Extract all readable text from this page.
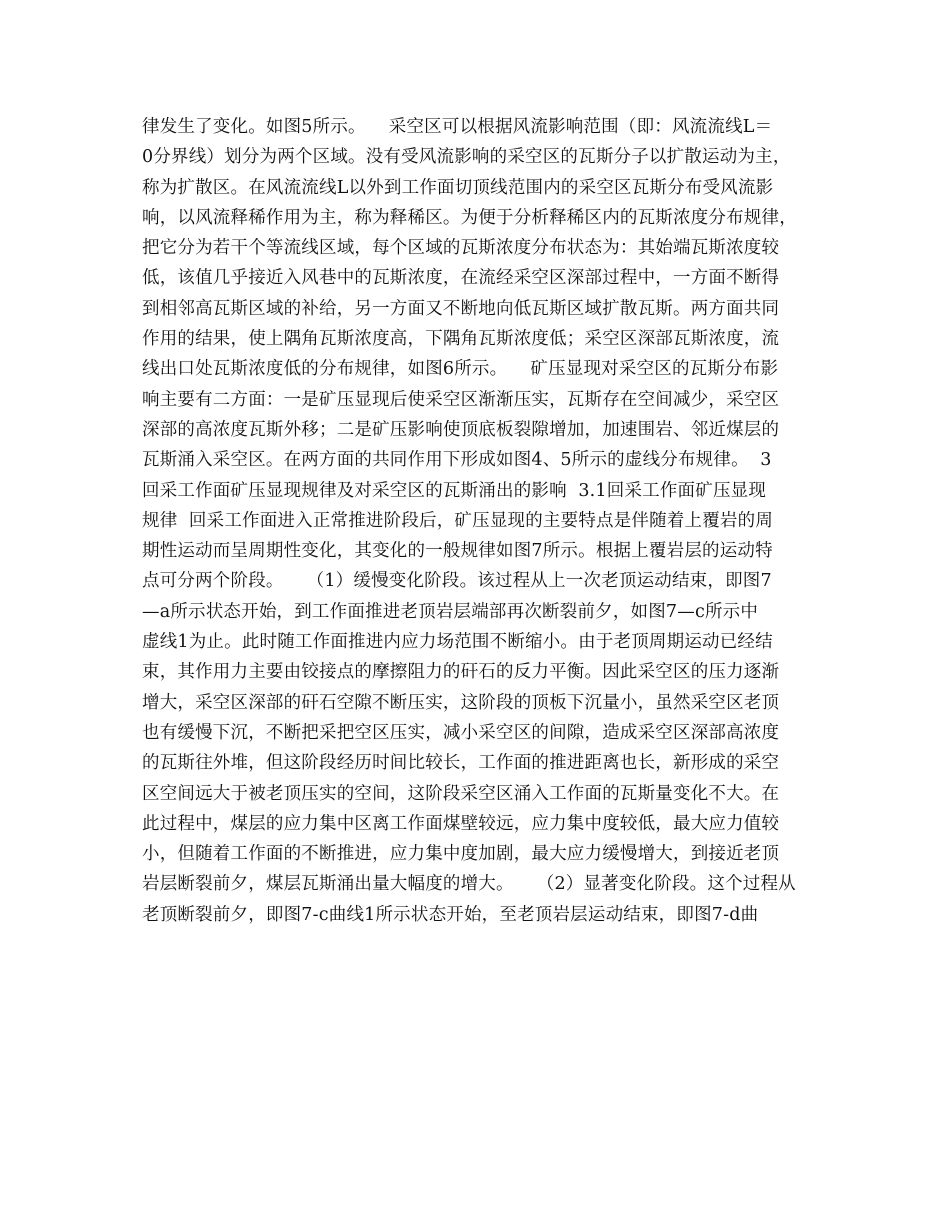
律发生了变化。如图5所示。    采空区可以根据风流影响范围（即：风流流线L＝
0分界线）划分为两个区域。没有受风流影响的采空区的瓦斯分子以扩散运动为主，
称为扩散区。在风流流线L以外到工作面切顶线范围内的采空区瓦斯分布受风流影
响，以风流释稀作用为主，称为释稀区。为便于分析释稀区内的瓦斯浓度分布规律，
把它分为若干个等流线区域，每个区域的瓦斯浓度分布状态为：其始端瓦斯浓度较
低，该值几乎接近入风巷中的瓦斯浓度，在流经采空区深部过程中，一方面不断得
到相邻高瓦斯区域的补给，另一方面又不断地向低瓦斯区域扩散瓦斯。两方面共同
作用的结果，使上隅角瓦斯浓度高，下隅角瓦斯浓度低；采空区深部瓦斯浓度，流
线出口处瓦斯浓度低的分布规律，如图6所示。    矿压显现对采空区的瓦斯分布影
响主要有二方面：一是矿压显现后使采空区渐渐压实，瓦斯存在空间减少，采空区
深部的高浓度瓦斯外移；二是矿压影响使顶底板裂隙增加，加速围岩、邻近煤层的
瓦斯涌入采空区。在两方面的共同作用下形成如图4、5所示的虚线分布规律。  3
回采工作面矿压显现规律及对采空区的瓦斯涌出的影响  3.1回采工作面矿压显现
规律  回采工作面进入正常推进阶段后，矿压显现的主要特点是伴随着上覆岩的周
期性运动而呈周期性变化，其变化的一般规律如图7所示。根据上覆岩层的运动特
点可分两个阶段。    （1）缓慢变化阶段。该过程从上一次老顶运动结束，即图7
—a所示状态开始，到工作面推进老顶岩层端部再次断裂前夕，如图7—c所示中
虚线1为止。此时随工作面推进内应力场范围不断缩小。由于老顶周期运动已经结
束，其作用力主要由铰接点的摩擦阻力的矸石的反力平衡。因此采空区的压力逐渐
增大，采空区深部的矸石空隙不断压实，这阶段的顶板下沉量小，虽然采空区老顶
也有缓慢下沉，不断把采把空区压实，减小采空区的间隙，造成采空区深部高浓度
的瓦斯往外堆，但这阶段经历时间比较长，工作面的推进距离也长，新形成的采空
区空间远大于被老顶压实的空间，这阶段采空区涌入工作面的瓦斯量变化不大。在
此过程中，煤层的应力集中区离工作面煤壁较远，应力集中度较低，最大应力值较
小，但随着工作面的不断推进，应力集中度加剧，最大应力缓慢增大，到接近老顶
岩层断裂前夕，煤层瓦斯涌出量大幅度的增大。    （2）显著变化阶段。这个过程从
老顶断裂前夕，即图7-c曲线1所示状态开始，至老顶岩层运动结束，即图7-d曲
